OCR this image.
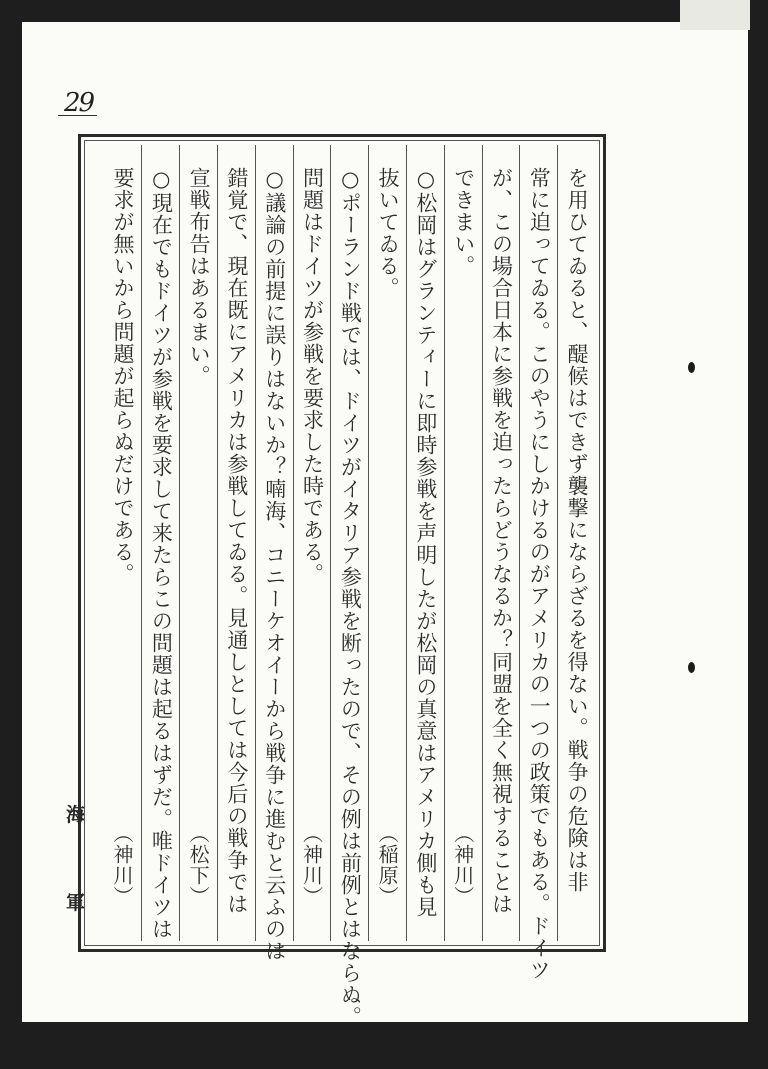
29
海
軍
を用ひてゐると、醍候はできず襲撃にならざるを得ない。戦争の危険は非
常に迫ってゐる。このやうにしかけるのがアメリカの一つの政策でもある。ドイツ
が、この場合日本に参戦を迫ったらどうなるか？同盟を全く無視することは
できまい。
（神川）
○松岡はグランティーに即時参戦を声明したが松岡の真意はアメリカ側も見
抜いてゐる。
（稲原）
○ポーランド戦では、ドイツがイタリア参戦を断ったので、その例は前例とはならぬ。
問題はドイツが参戦を要求した時である。
（神川）
○議論の前提に誤りはないか？喃海、コニーケオイーから戦争に進むと云ふのは
錯覚で、現在既にアメリカは参戦してゐる。見通しとしては今后の戦争では
宣戦布告はあるまい。
（松下）
○現在でもドイツが参戦を要求して来たらこの問題は起るはずだ。唯ドイツは
要求が無いから問題が起らぬだけである。
（神川）
